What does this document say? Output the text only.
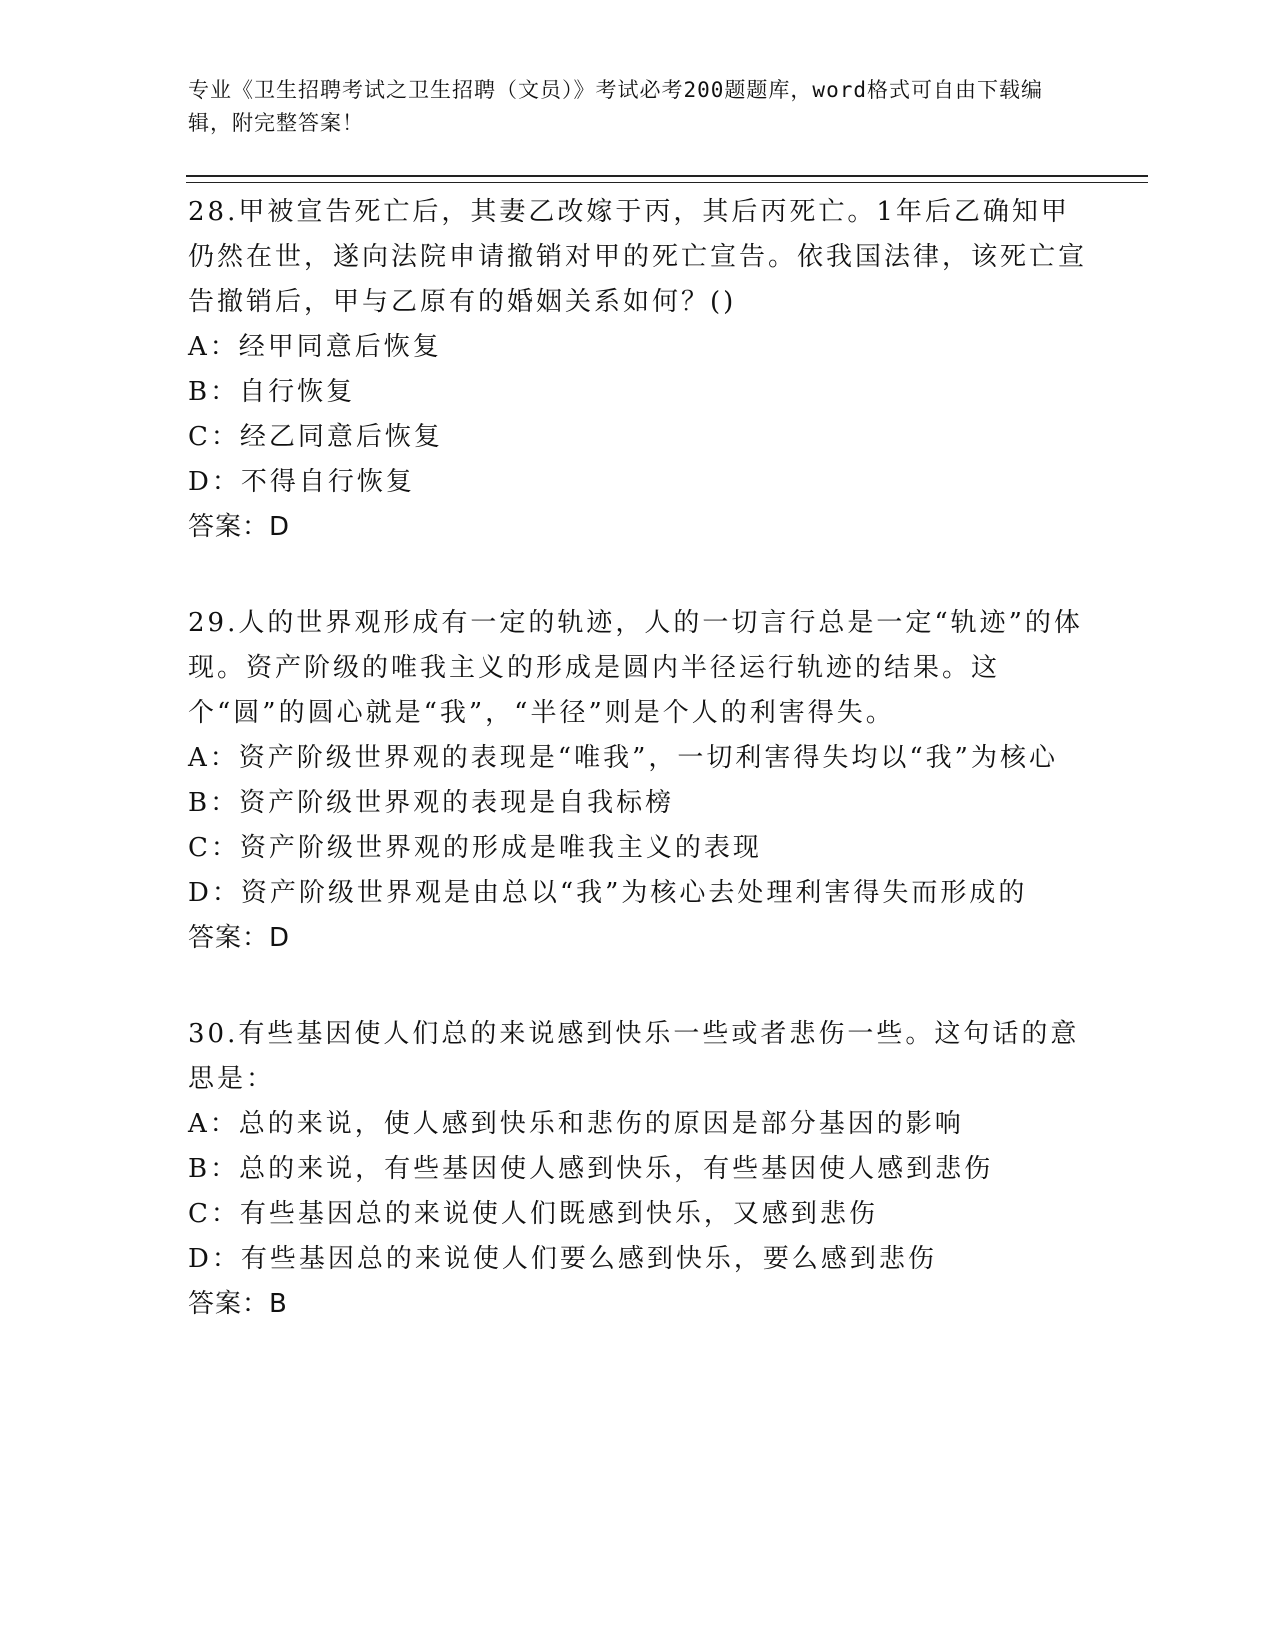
专业《卫生招聘考试之卫生招聘（文员）》考试必考200题题库，word格式可自由下载编辑，附完整答案！
28.甲被宣告死亡后，其妻乙改嫁于丙，其后丙死亡。1年后乙确知甲仍然在世，遂向法院申请撤销对甲的死亡宣告。依我国法律，该死亡宣告撤销后，甲与乙原有的婚姻关系如何？()
A：经甲同意后恢复
B：自行恢复
C：经乙同意后恢复
D：不得自行恢复
答案：D
29.人的世界观形成有一定的轨迹，人的一切言行总是一定“轨迹”的体现。资产阶级的唯我主义的形成是圆内半径运行轨迹的结果。这个“圆”的圆心就是“我”，“半径”则是个人的利害得失。
A：资产阶级世界观的表现是“唯我”，一切利害得失均以“我”为核心
B：资产阶级世界观的表现是自我标榜
C：资产阶级世界观的形成是唯我主义的表现
D：资产阶级世界观是由总以“我”为核心去处理利害得失而形成的
答案：D
30.有些基因使人们总的来说感到快乐一些或者悲伤一些。这句话的意思是：
A：总的来说，使人感到快乐和悲伤的原因是部分基因的影响
B：总的来说，有些基因使人感到快乐，有些基因使人感到悲伤
C：有些基因总的来说使人们既感到快乐，又感到悲伤
D：有些基因总的来说使人们要么感到快乐，要么感到悲伤
答案：B
